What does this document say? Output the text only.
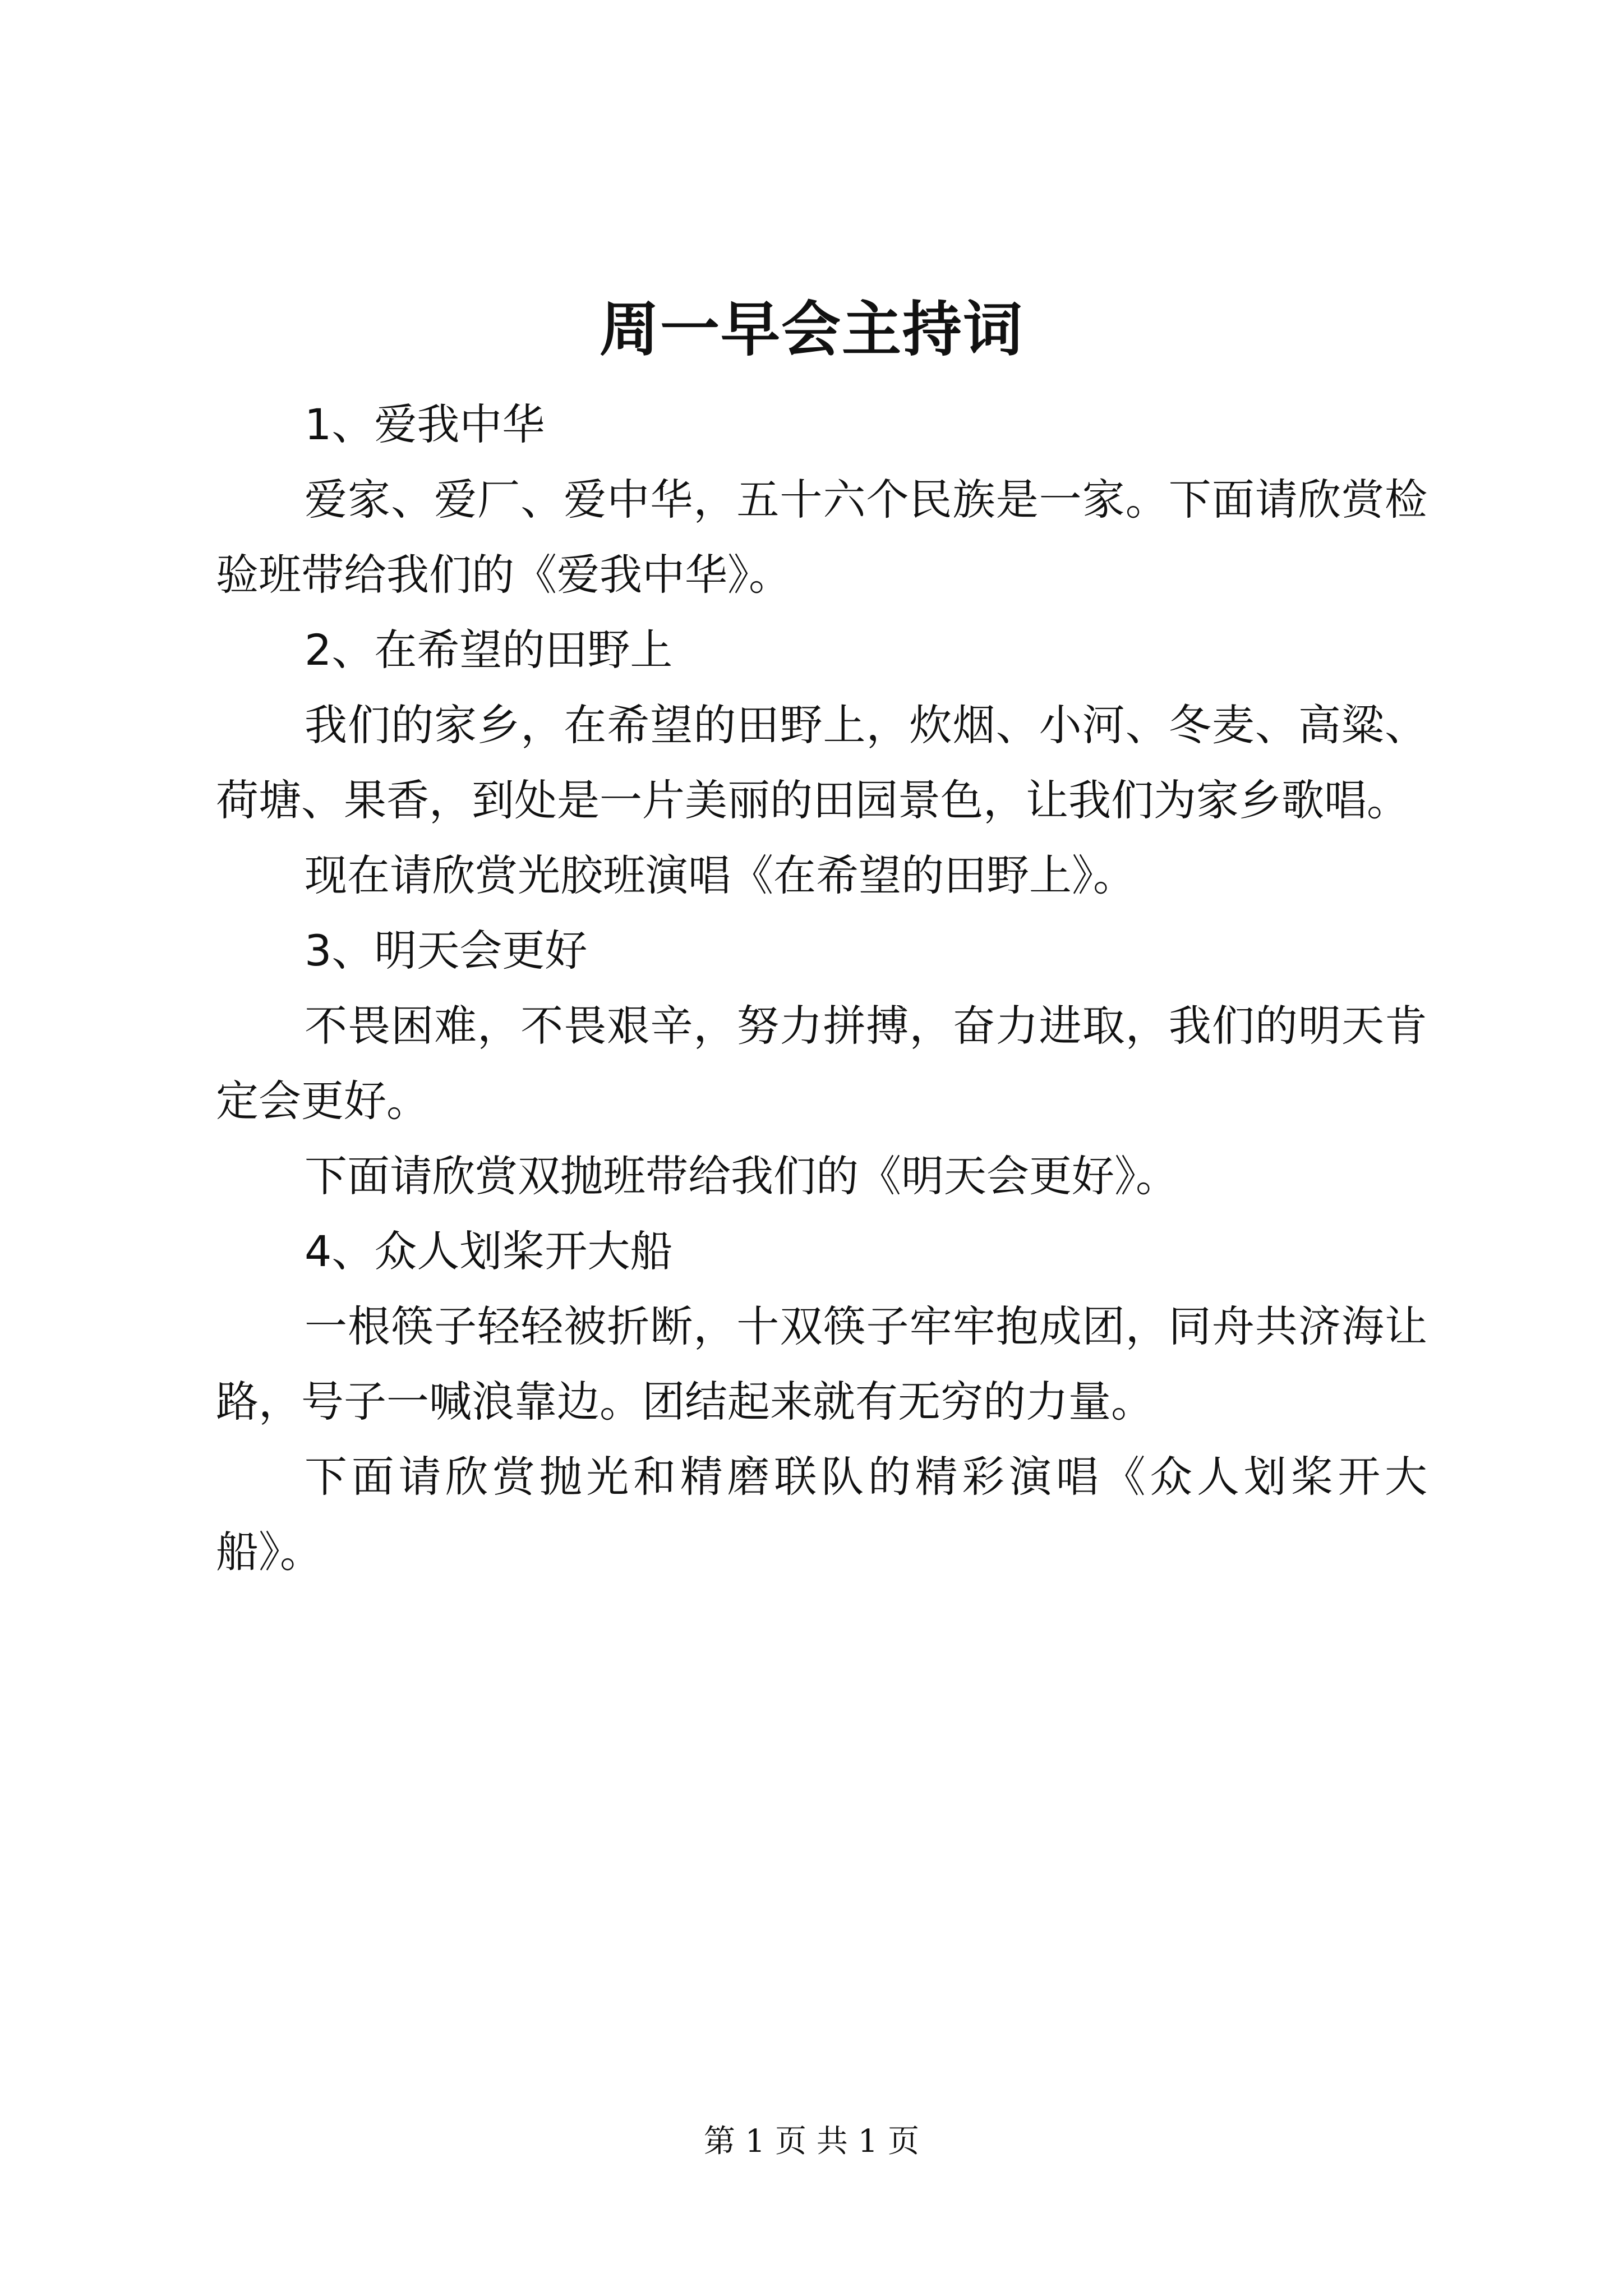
周一早会主持词

1、爱我中华

爱家、爱厂、爱中华，五十六个民族是一家。下面请欣赏检验班带给我们的《爱我中华》。

2、在希望的田野上

我们的家乡，在希望的田野上，炊烟、小河、冬麦、高粱、荷塘、果香，到处是一片美丽的田园景色，让我们为家乡歌唱。

现在请欣赏光胶班演唱《在希望的田野上》。

3、明天会更好

不畏困难，不畏艰辛，努力拼搏，奋力进取，我们的明天肯定会更好。

下面请欣赏双抛班带给我们的《明天会更好》。

4、众人划桨开大船

一根筷子轻轻被折断，十双筷子牢牢抱成团，同舟共济海让路，号子一喊浪靠边。团结起来就有无穷的力量。

下面请欣赏抛光和精磨联队的精彩演唱《众人划桨开大船》。

第 1 页 共 1 页
